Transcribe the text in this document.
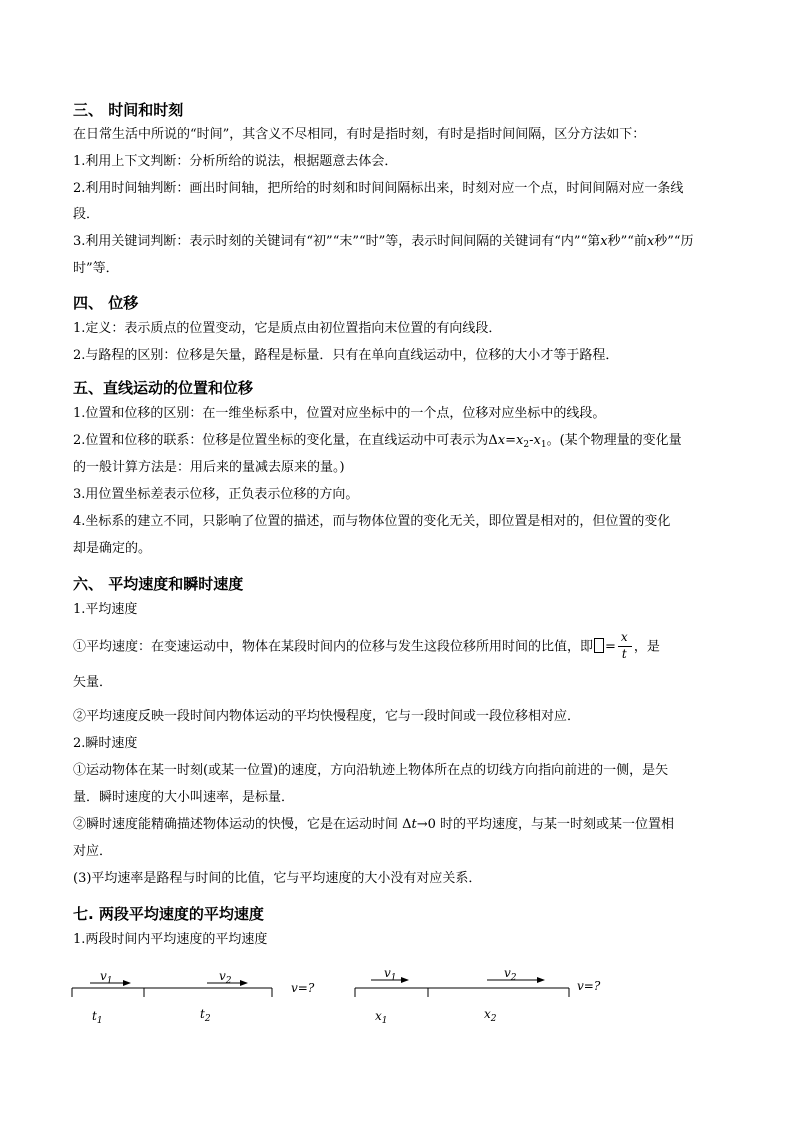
三、 时间和时刻
在日常生活中所说的“时间”，其含义不尽相同，有时是指时刻，有时是指时间间隔，区分方法如下：
1.利用上下文判断：分析所给的说法，根据题意去体会．
2.利用时间轴判断：画出时间轴，把所给的时刻和时间间隔标出来，时刻对应一个点，时间间隔对应一条线
段．
3.利用关键词判断：表示时刻的关键词有“初”“末”“时”等，表示时间间隔的关键词有“内”“第x秒”“前x秒”“历
时”等．
四、 位移
1.定义：表示质点的位置变动，它是质点由初位置指向末位置的有向线段．
2.与路程的区别：位移是矢量，路程是标量．只有在单向直线运动中，位移的大小才等于路程．
五、直线运动的位置和位移
1.位置和位移的区别：在一维坐标系中，位置对应坐标中的一个点，位移对应坐标中的线段。
2.位置和位移的联系：位移是位置坐标的变化量，在直线运动中可表示为$\Delta x=x_2-x_1$。(某个物理量的变化量
的一般计算方法是：用后来的量减去原来的量。)
3.用位置坐标差表示位移，正负表示位移的方向。
4.坐标系的建立不同，只影响了位置的描述，而与物体位置的变化无关，即位置是相对的，但位置的变化
却是确定的。
六、 平均速度和瞬时速度
1.平均速度
①平均速度：在变速运动中，物体在某段时间内的位移与发生这段位移所用时间的比值，即 = $\frac{x}{t}$ ，是
矢量．
②平均速度反映一段时间内物体运动的平均快慢程度，它与一段时间或一段位移相对应．
2.瞬时速度
①运动物体在某一时刻(或某一位置)的速度，方向沿轨迹上物体所在点的切线方向指向前进的一侧，是矢
量．瞬时速度的大小叫速率，是标量．
②瞬时速度能精确描述物体运动的快慢，它是在运动时间 Δt→0 时的平均速度，与某一时刻或某一位置相
对应．
(3)平均速率是路程与时间的比值，它与平均速度的大小没有对应关系．
七. 两段平均速度的平均速度
1.两段时间内平均速度的平均速度
$v_1$	$v_2$	v=?
$t_1$	$t_2$
$v_1$	$v_2$
v=?
$x_1$	$x_2$
